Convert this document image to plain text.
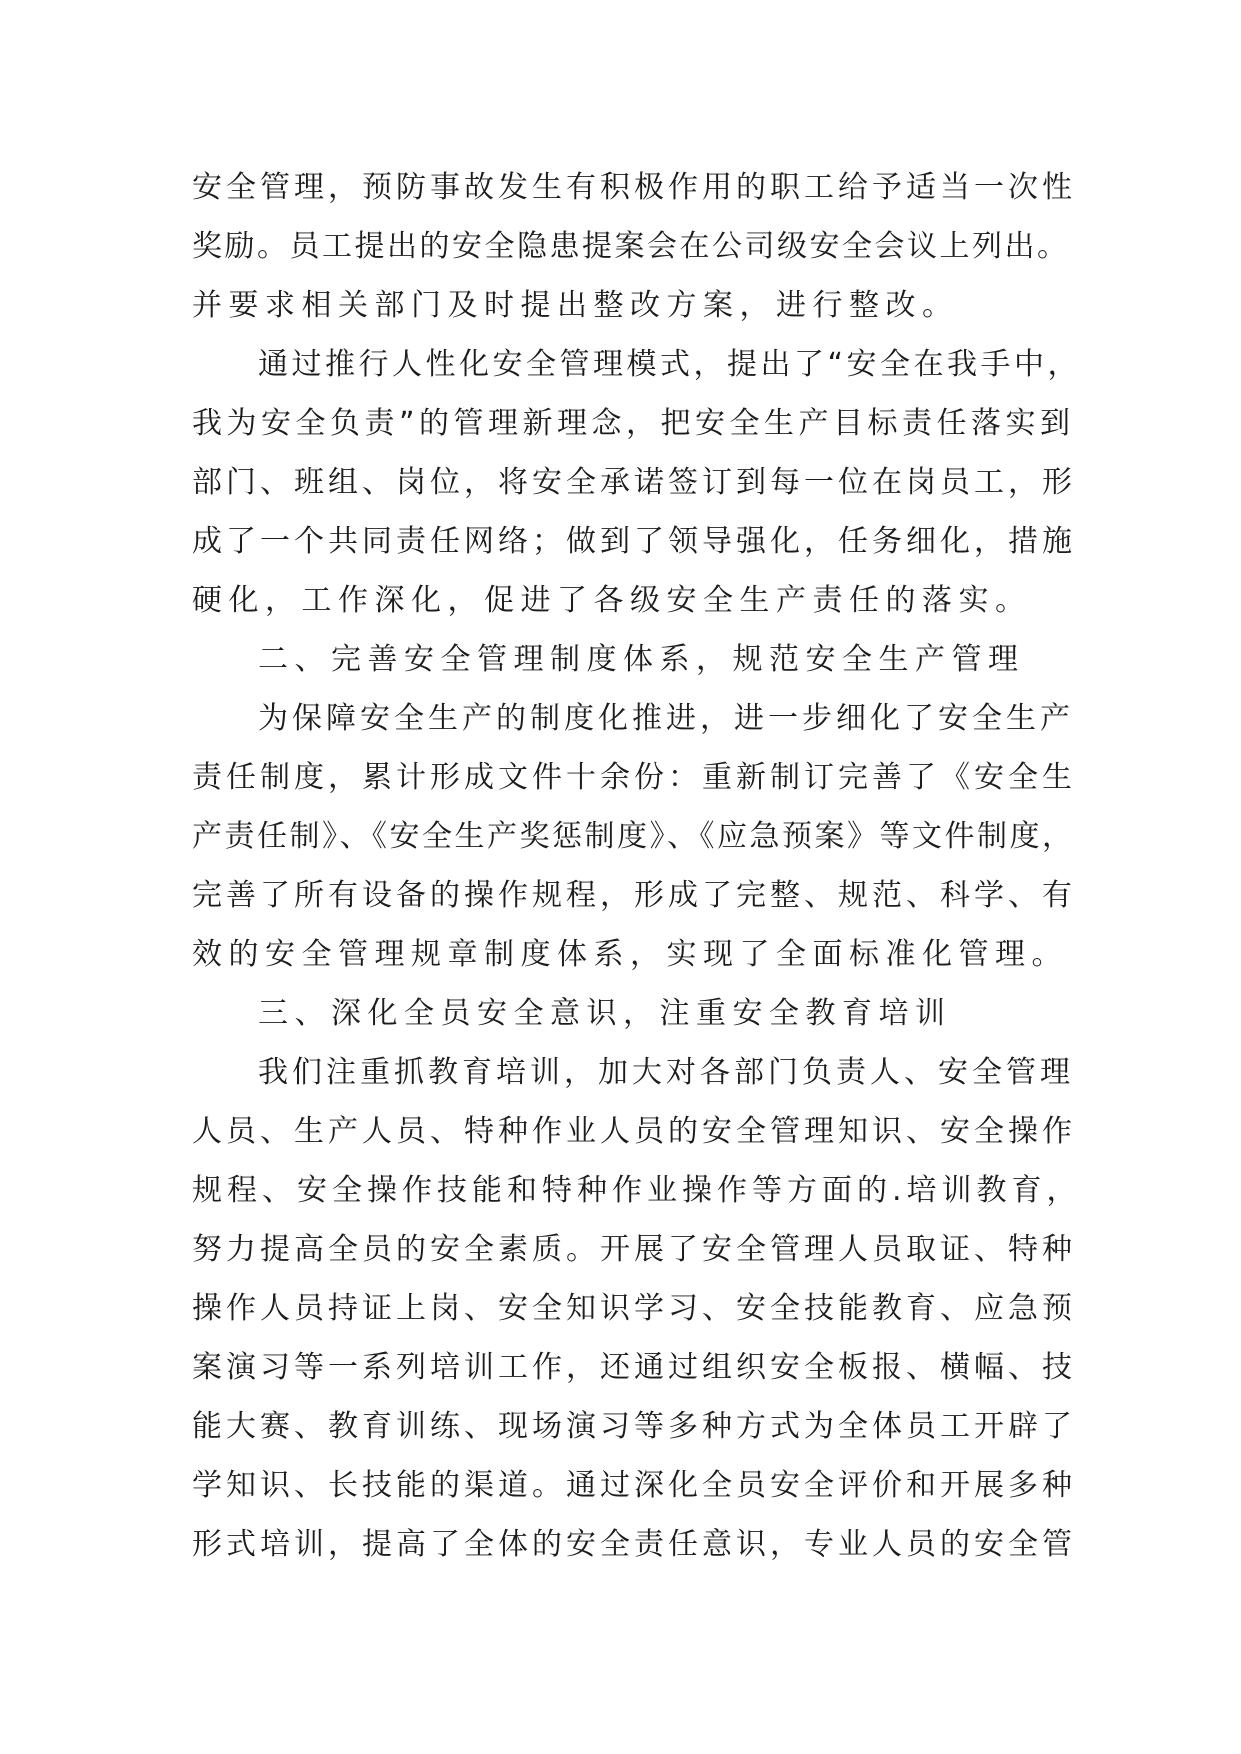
安全管理，预防事故发生有积极作用的职工给予适当一次性
奖励。员工提出的安全隐患提案会在公司级安全会议上列出。
并要求相关部门及时提出整改方案，进行整改。
通过推行人性化安全管理模式，提出了“安全在我手中，
我为安全负责”的管理新理念，把安全生产目标责任落实到
部门、班组、岗位，将安全承诺签订到每一位在岗员工，形
成了一个共同责任网络；做到了领导强化，任务细化，措施
硬化，工作深化，促进了各级安全生产责任的落实。
二、完善安全管理制度体系，规范安全生产管理
为保障安全生产的制度化推进，进一步细化了安全生产
责任制度，累计形成文件十余份：重新制订完善了《安全生
产责任制》、《安全生产奖惩制度》、《应急预案》等文件制度，
完善了所有设备的操作规程，形成了完整、规范、科学、有
效的安全管理规章制度体系，实现了全面标准化管理。
三、深化全员安全意识，注重安全教育培训
我们注重抓教育培训，加大对各部门负责人、安全管理
人员、生产人员、特种作业人员的安全管理知识、安全操作
规程、安全操作技能和特种作业操作等方面的.培训教育，
努力提高全员的安全素质。开展了安全管理人员取证、特种
操作人员持证上岗、安全知识学习、安全技能教育、应急预
案演习等一系列培训工作，还通过组织安全板报、横幅、技
能大赛、教育训练、现场演习等多种方式为全体员工开辟了
学知识、长技能的渠道。通过深化全员安全评价和开展多种
形式培训，提高了全体的安全责任意识，专业人员的安全管
